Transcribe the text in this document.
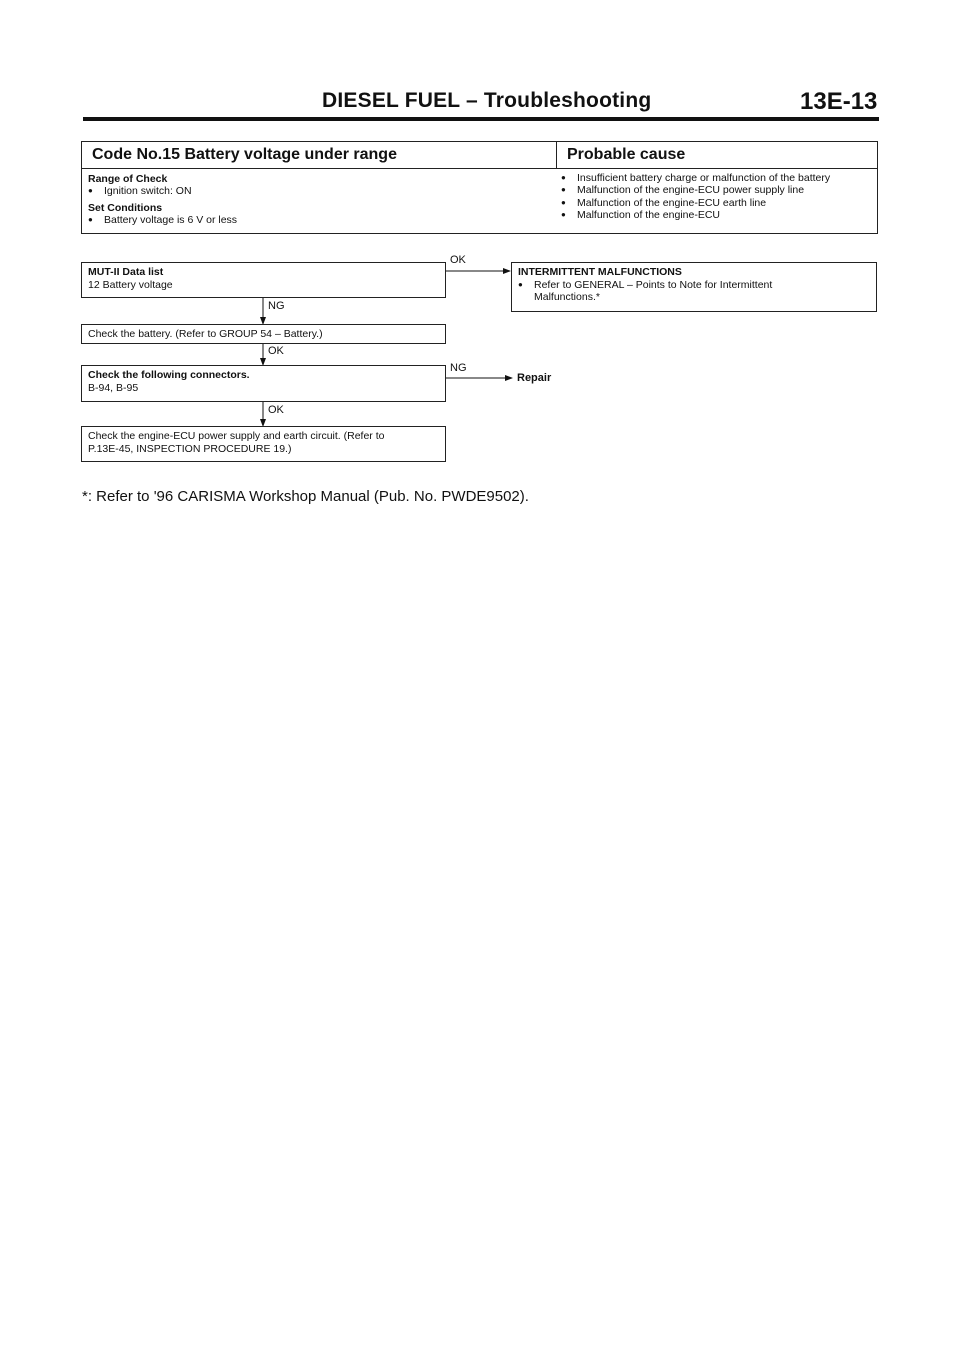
DIESEL FUEL – Troubleshooting	13E-13
Code No.15 Battery voltage under range	Probable cause
Range of Check
● Ignition switch: ON
Set Conditions
● Battery voltage is 6 V or less
● Insufficient battery charge or malfunction of the battery
● Malfunction of the engine-ECU power supply line
● Malfunction of the engine-ECU earth line
● Malfunction of the engine-ECU
MUT-II Data list
12 Battery voltage
OK
NG
INTERMITTENT MALFUNCTIONS
● Refer to GENERAL – Points to Note for Intermittent
Malfunctions.*
Check the battery. (Refer to GROUP 54 – Battery.)
OK
Check the following connectors.
B-94, B-95
NG
Repair
OK
Check the engine-ECU power supply and earth circuit. (Refer to
P.13E-45, INSPECTION PROCEDURE 19.)
*: Refer to '96 CARISMA Workshop Manual (Pub. No. PWDE9502).
